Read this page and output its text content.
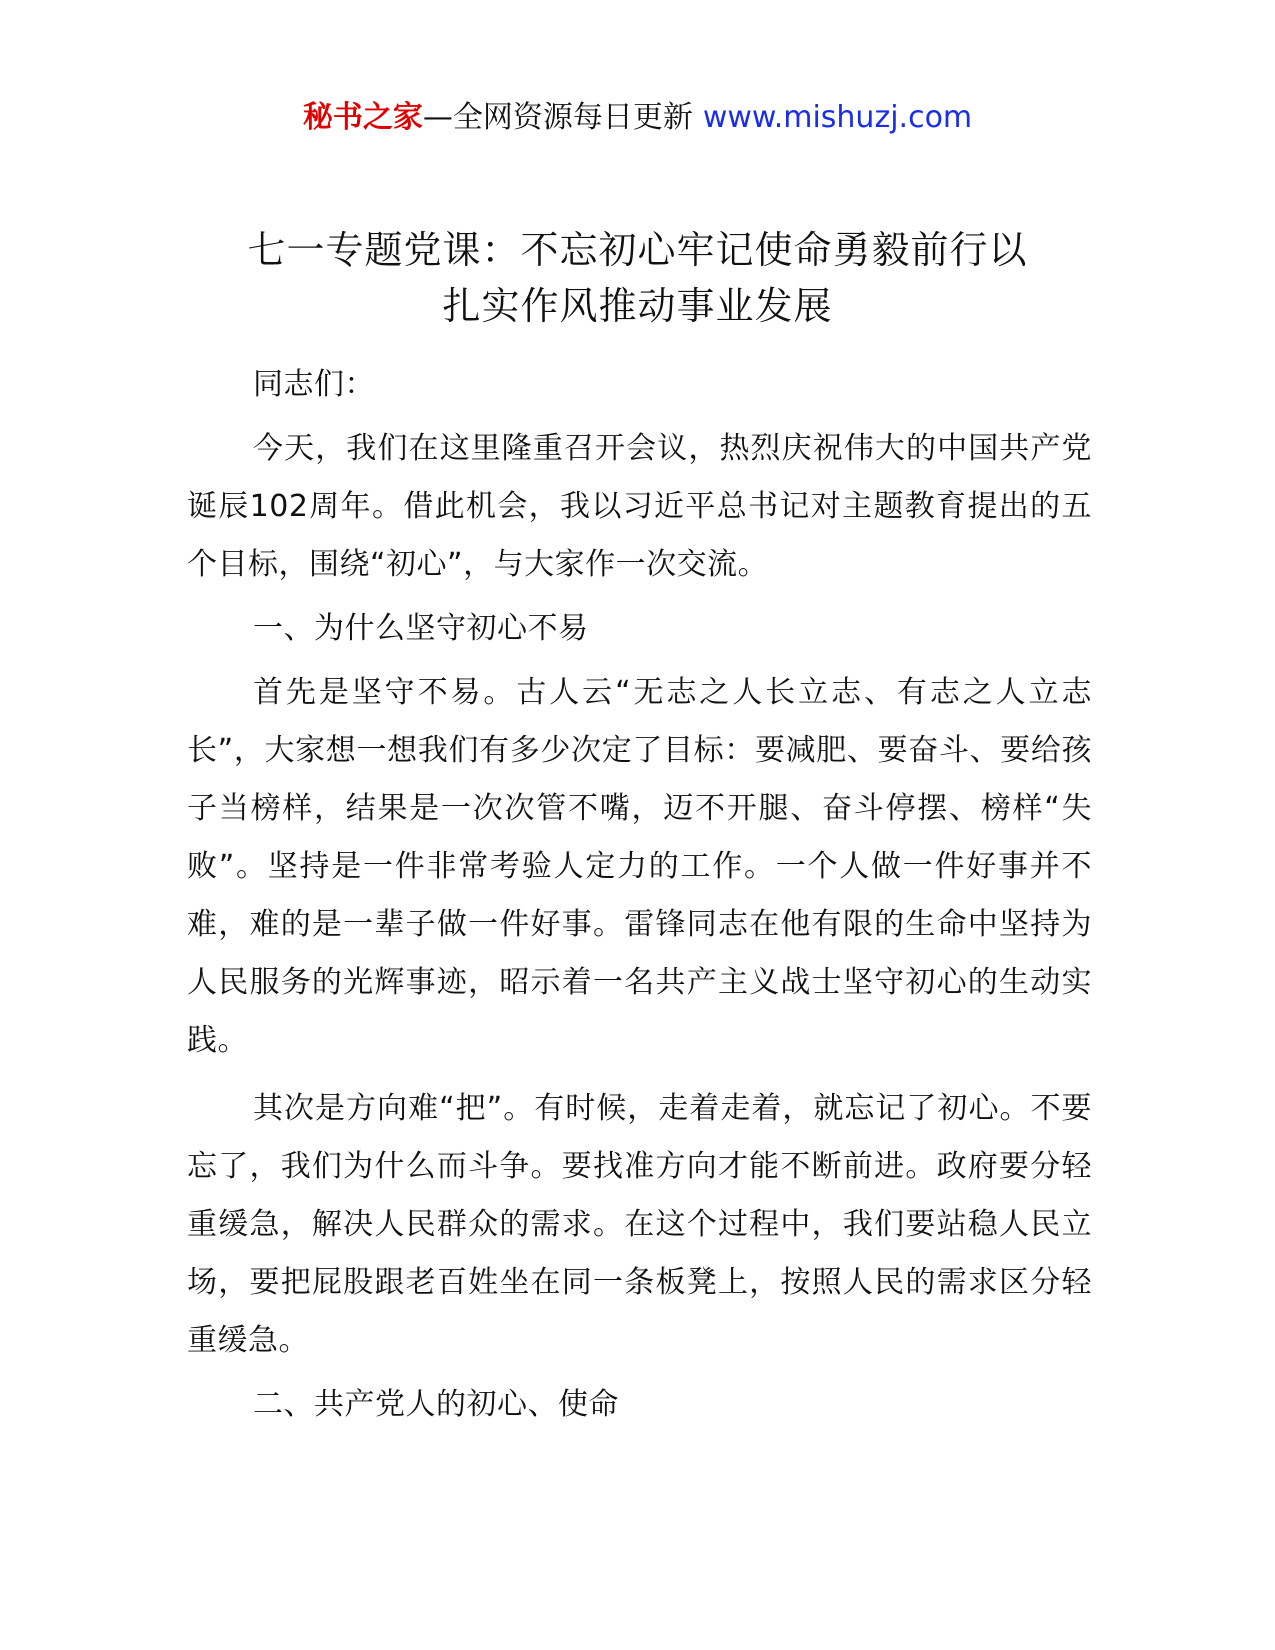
秘书之家—全网资源每日更新 www.mishuzj.com
七一专题党课：不忘初心牢记使命勇毅前行以
扎实作风推动事业发展

同志们：

今天，我们在这里隆重召开会议，热烈庆祝伟大的中国共产党诞辰102周年。借此机会，我以习近平总书记对主题教育提出的五个目标，围绕“初心”，与大家作一次交流。

一、为什么坚守初心不易

首先是坚守不易。古人云“无志之人长立志、有志之人立志长”，大家想一想我们有多少次定了目标：要减肥、要奋斗、要给孩子当榜样，结果是一次次管不嘴，迈不开腿、奋斗停摆、榜样“失败”。坚持是一件非常考验人定力的工作。一个人做一件好事并不难，难的是一辈子做一件好事。雷锋同志在他有限的生命中坚持为人民服务的光辉事迹，昭示着一名共产主义战士坚守初心的生动实践。

其次是方向难“把”。有时候，走着走着，就忘记了初心。不要忘了，我们为什么而斗争。要找准方向才能不断前进。政府要分轻重缓急，解决人民群众的需求。在这个过程中，我们要站稳人民立场，要把屁股跟老百姓坐在同一条板凳上，按照人民的需求区分轻重缓急。

二、共产党人的初心、使命
